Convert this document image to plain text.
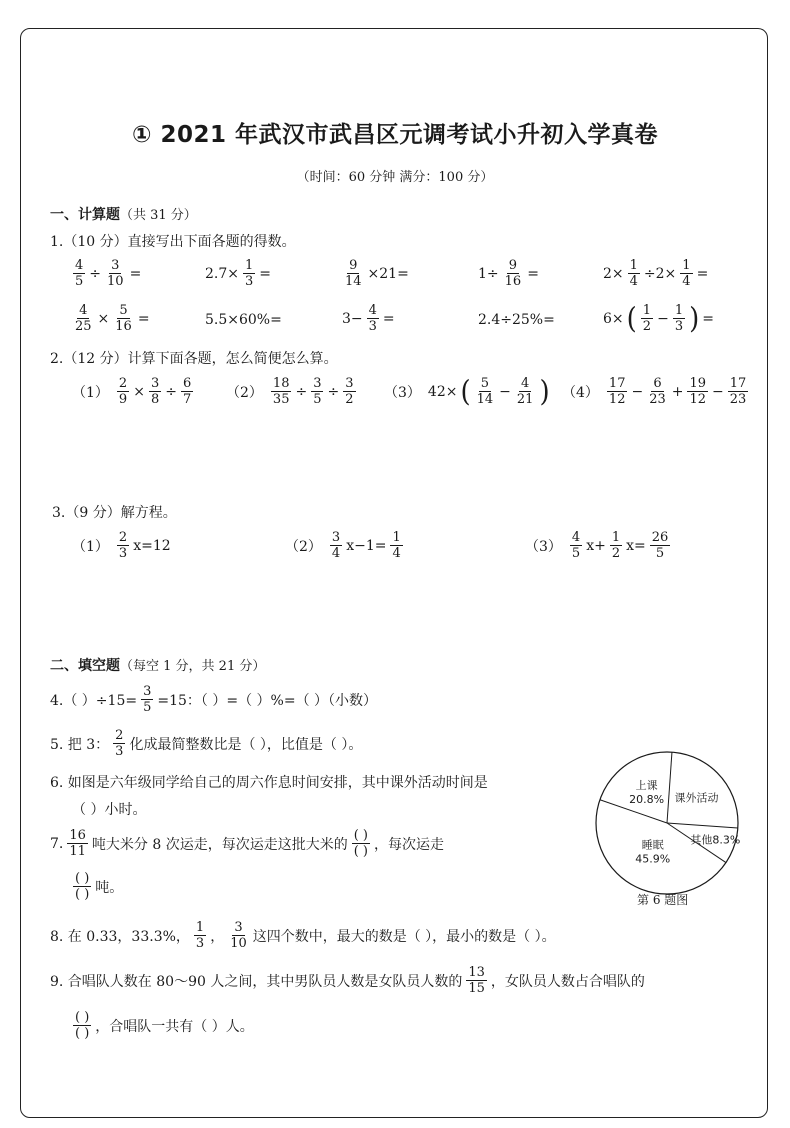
① 2021 年武汉市武昌区元调考试小升初入学真卷
（时间：60 分钟 满分：100 分）
一、计算题（共 31 分）
1.（10 分）直接写出下面各题的得数。
$\frac{4}{5} \div \frac{3}{10}$ =	$2.7\times \frac{1}{3}$ =	$\frac{9}{14} \times 21=$	$1\div \frac{9}{16}$ =	$2\times \frac{1}{4} \div 2\times \frac{1}{4}$ =
$\frac{4}{25} \times \frac{5}{16}$ =	5.5×60%=	$3- \frac{4}{3}$ =	2.4÷25%=	6× ( $\frac{1}{2} - \frac{1}{3}$ ) =
2.（12 分）计算下面各题，怎么简便怎么算。
$(1) \frac{2}{9} \times \frac{3}{8} \div \frac{6}{7} (2) \frac{18}{35} \div \frac{3}{5} \div \frac{3}{2} (3)$ 42× ( $\frac{5}{14} - \frac{4}{21}$ ) $(4) \frac{17}{12} - \frac{6}{23} + \frac{19}{12} - \frac{17}{23}$
3.（9 分）解方程。
$(1) \frac{2}{3} x=12$	$(2) \frac{3}{4} x-1= \frac{1}{4}$	$(3) \frac{4}{5} x+ \frac{1}{2} x= \frac{26}{5}$
二、填空题（每空 1 分，共 21 分）
4.（ ）$\div 15= \frac{3}{5} =15$：（ ）=（ ）%=（ ）（小数）
5. 把 3： $\frac{2}{3}$ 化成最简整数比是（ ），比值是（ ）。
6. 如图是六年级同学给自己的周六作息时间安排，其中课外活动时间是
（ ）小时。
7. $\frac{16}{11}$ 吨大米分 8 次运走，每次运走这批大米的 $\frac{( )}{( )}$ ，每次运走
$\frac{( )}{( )}$ 吨。
8. 在 0.33，33.3%， $\frac{1}{3}$ ， $\frac{3}{10}$ 这四个数中，最大的数是（ ），最小的数是（ ）。
9. 合唱队人数在 80～90 人之间，其中男队员人数是女队员人数的 $\frac{13}{15}$ ，女队员人数占合唱队的
$\frac{( )}{( )}$ ，合唱队一共有（ ）人。
上课 20.8% 课外活动
其他8.3%
睡眠 45.9%
第 6 题图
